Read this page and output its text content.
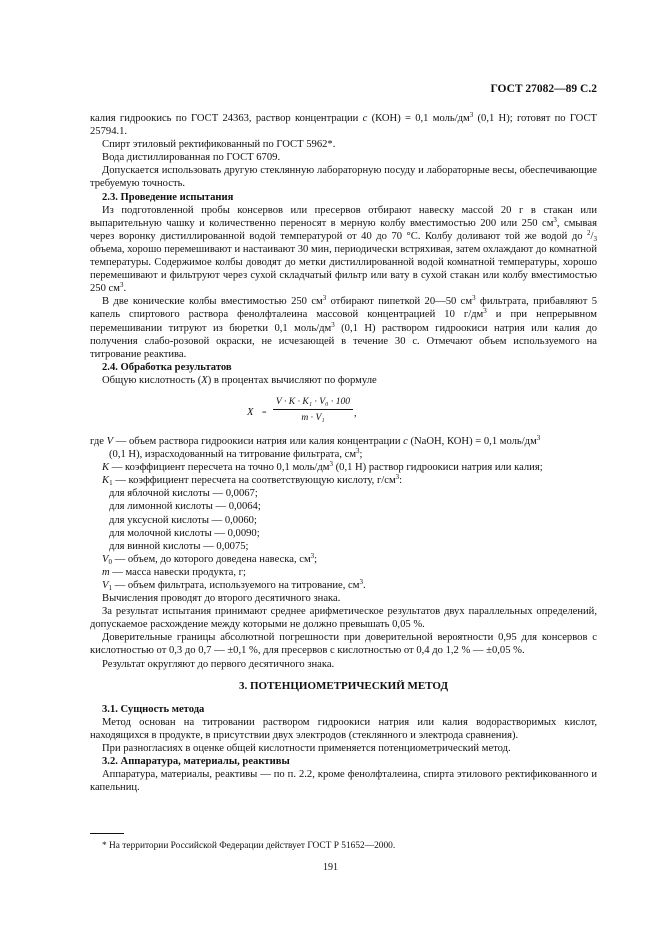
ГОСТ 27082—89 С.2

калия гидроокись по ГОСТ 24363, раствор концентрации с (КОН) = 0,1 моль/$дм^3$ (0,1 Н); готовят по ГОСТ 25794.1.

Спирт этиловый ректификованный по ГОСТ 5962*.

Вода дистиллированная по ГОСТ 6709.

Допускается использовать другую стеклянную лабораторную посуду и лабораторные весы, обеспечивающие требуемую точность.

2.3. Проведение испытания

Из подготовленной пробы консервов или пресервов отбирают навеску массой 20 г в стакан или выпарительную чашку и количественно переносят в мерную колбу вместимостью 200 или 250 $см^3$, смывая через воронку дистиллированной водой температурой от 40 до 70 °С. Колбу доливают той же водой до $^2/_3$ объема, хорошо перемешивают и настаивают 30 мин, периодически встряхивая, затем охлаждают до комнатной температуры. Содержимое колбы доводят до метки дистиллированной водой комнатной температуры, хорошо перемешивают и фильтруют через сухой складчатый фильтр или вату в сухой стакан или колбу вместимостью 250 $см^3$.

В две конические колбы вместимостью 250 $см^3$ отбирают пипеткой 20—50 $см^3$ фильтрата, прибавляют 5 капель спиртового раствора фенолфталеина массовой концентрацией 10 $г/дм^3$ и при непрерывном перемешивании титруют из бюретки 0,1 моль/$дм^3$ (0,1 Н) раствором гидроокиси натрия или калия до получения слабо-розовой окраски, не исчезающей в течение 30 с. Отмечают объем используемого на титрование реактива.

2.4. Обработка результатов

Общую кислотность (X) в процентах вычисляют по формуле

$X = \frac{\text{V · K · K₁ · V₀ · 100}}{\text{m · V₁}}$ ,

где V — объем раствора гидроокиси натрия или калия концентрации с (NaOH, КОН) = 0,1 моль/$дм^3$

(0,1 Н), израсходованный на титрование фильтрата, $см^3$;

K — коэффициент пересчета на точно 0,1 моль/$дм^3$ (0,1 Н) раствор гидроокиси натрия или калия;

$K_1$ — коэффициент пересчета на соответствующую кислоту, $г/см^3$:

для яблочной кислоты — 0,0067;

для лимонной кислоты — 0,0064;

для уксусной кислоты — 0,0060;

для молочной кислоты — 0,0090;

для винной кислоты — 0,0075;

$V_0$ — объем, до которого доведена навеска, $см^3$;

m — масса навески продукта, г;

$V_1$ — объем фильтрата, используемого на титрование, $см^3$.

Вычисления проводят до второго десятичного знака.

За результат испытания принимают среднее арифметическое результатов двух параллельных определений, допускаемое расхождение между которыми не должно превышать 0,05 %.

Доверительные границы абсолютной погрешности при доверительной вероятности 0,95 для консервов с кислотностью от 0,3 до 0,7 — ±0,1 %, для пресервов с кислотностью от 0,4 до 1,2 % — ±0,05 %.

Результат округляют до первого десятичного знака.

3. ПОТЕНЦИОМЕТРИЧЕСКИЙ МЕТОД
3.1. Сущность метода

Метод основан на титровании раствором гидроокиси натрия или калия водорастворимых кислот, находящихся в продукте, в присутствии двух электродов (стеклянного и электрода сравнения).

При разногласиях в оценке общей кислотности применяется потенциометрический метод.

3.2. Аппаратура, материалы, реактивы

Аппаратура, материалы, реактивы — по п. 2.2, кроме фенолфталеина, спирта этилового ректификованного и капельниц.

* На территории Российской Федерации действует ГОСТ Р 51652—2000.
191
